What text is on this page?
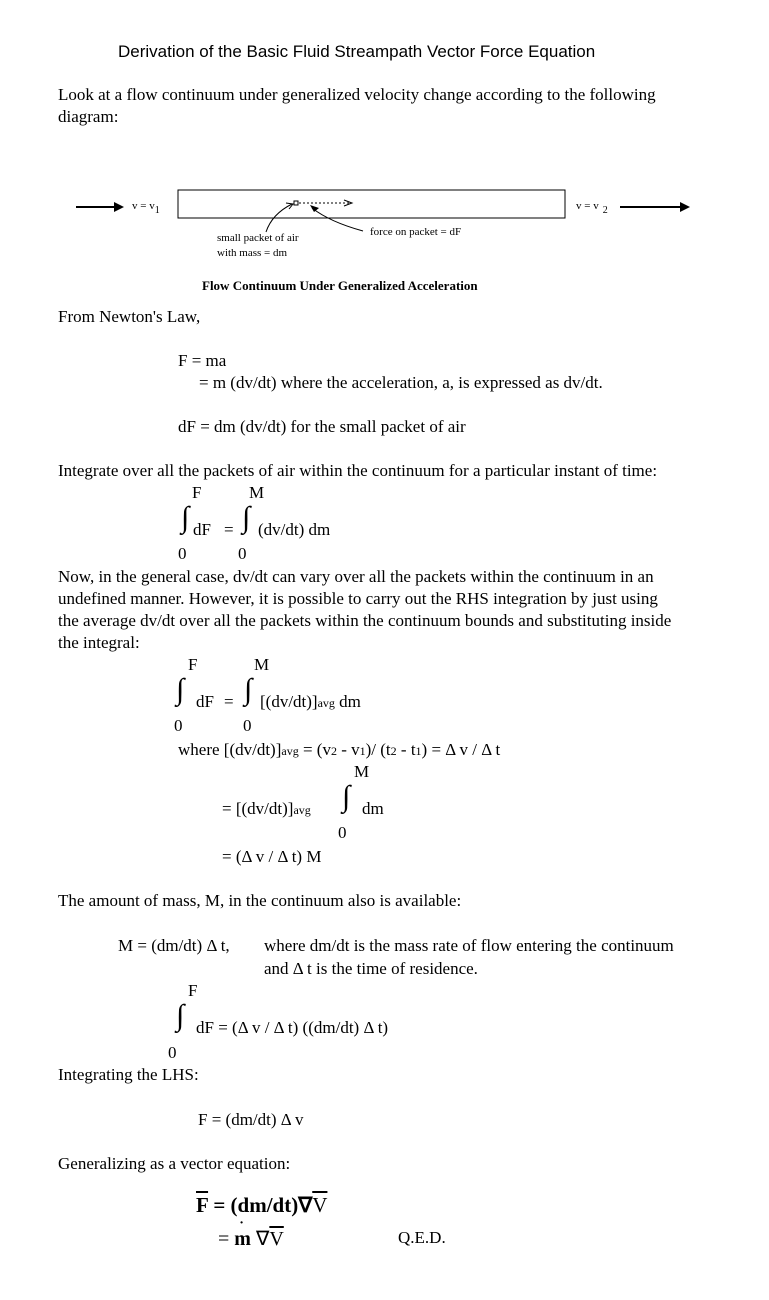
Derivation of the Basic Fluid Streampath Vector Force Equation
Look at a flow continuum under generalized velocity change according to the following
diagram:
v = v1	v = v 2
small packet of air
with mass = dm
force on packet = dF
Flow Continuum Under Generalized Acceleration
From Newton's Law,
F = ma
= m (dv/dt) where the acceleration, a, is expressed as dv/dt.
dF = dm (dv/dt) for the small packet of air
Integrate over all the packets of air within the continuum for a particular instant of time:
F	M
∫ dF = ∫ (dv/dt) dm
0	0
Now, in the general case, dv/dt can vary over all the packets within the continuum in an
undefined manner. However, it is possible to carry out the RHS integration by just using
the average dv/dt over all the packets within the continuum bounds and substituting inside
the integral:
F	M
∫ dF = ∫ [(dv/dt)]avg dm
0	0
where [(dv/dt)]avg = (v2 - v1)/ (t2 - t1) = Δ v / Δ t
M
= [(dv/dt)]avg ∫ dm
0
= (Δ v / Δ t) M
The amount of mass, M, in the continuum also is available:
M = (dm/dt) Δ t, where dm/dt is the mass rate of flow entering the continuum
and Δ t is the time of residence.
F
∫ dF = (Δ v / Δ t) ((dm/dt) Δ t)
0
Integrating the LHS:
F = (dm/dt) Δ v
Generalizing as a vector equation:
$\overline{F} = (dm/dt)\nabla\overline{V}$
=
·
m $\nabla\overline{V}$	Q.E.D.
